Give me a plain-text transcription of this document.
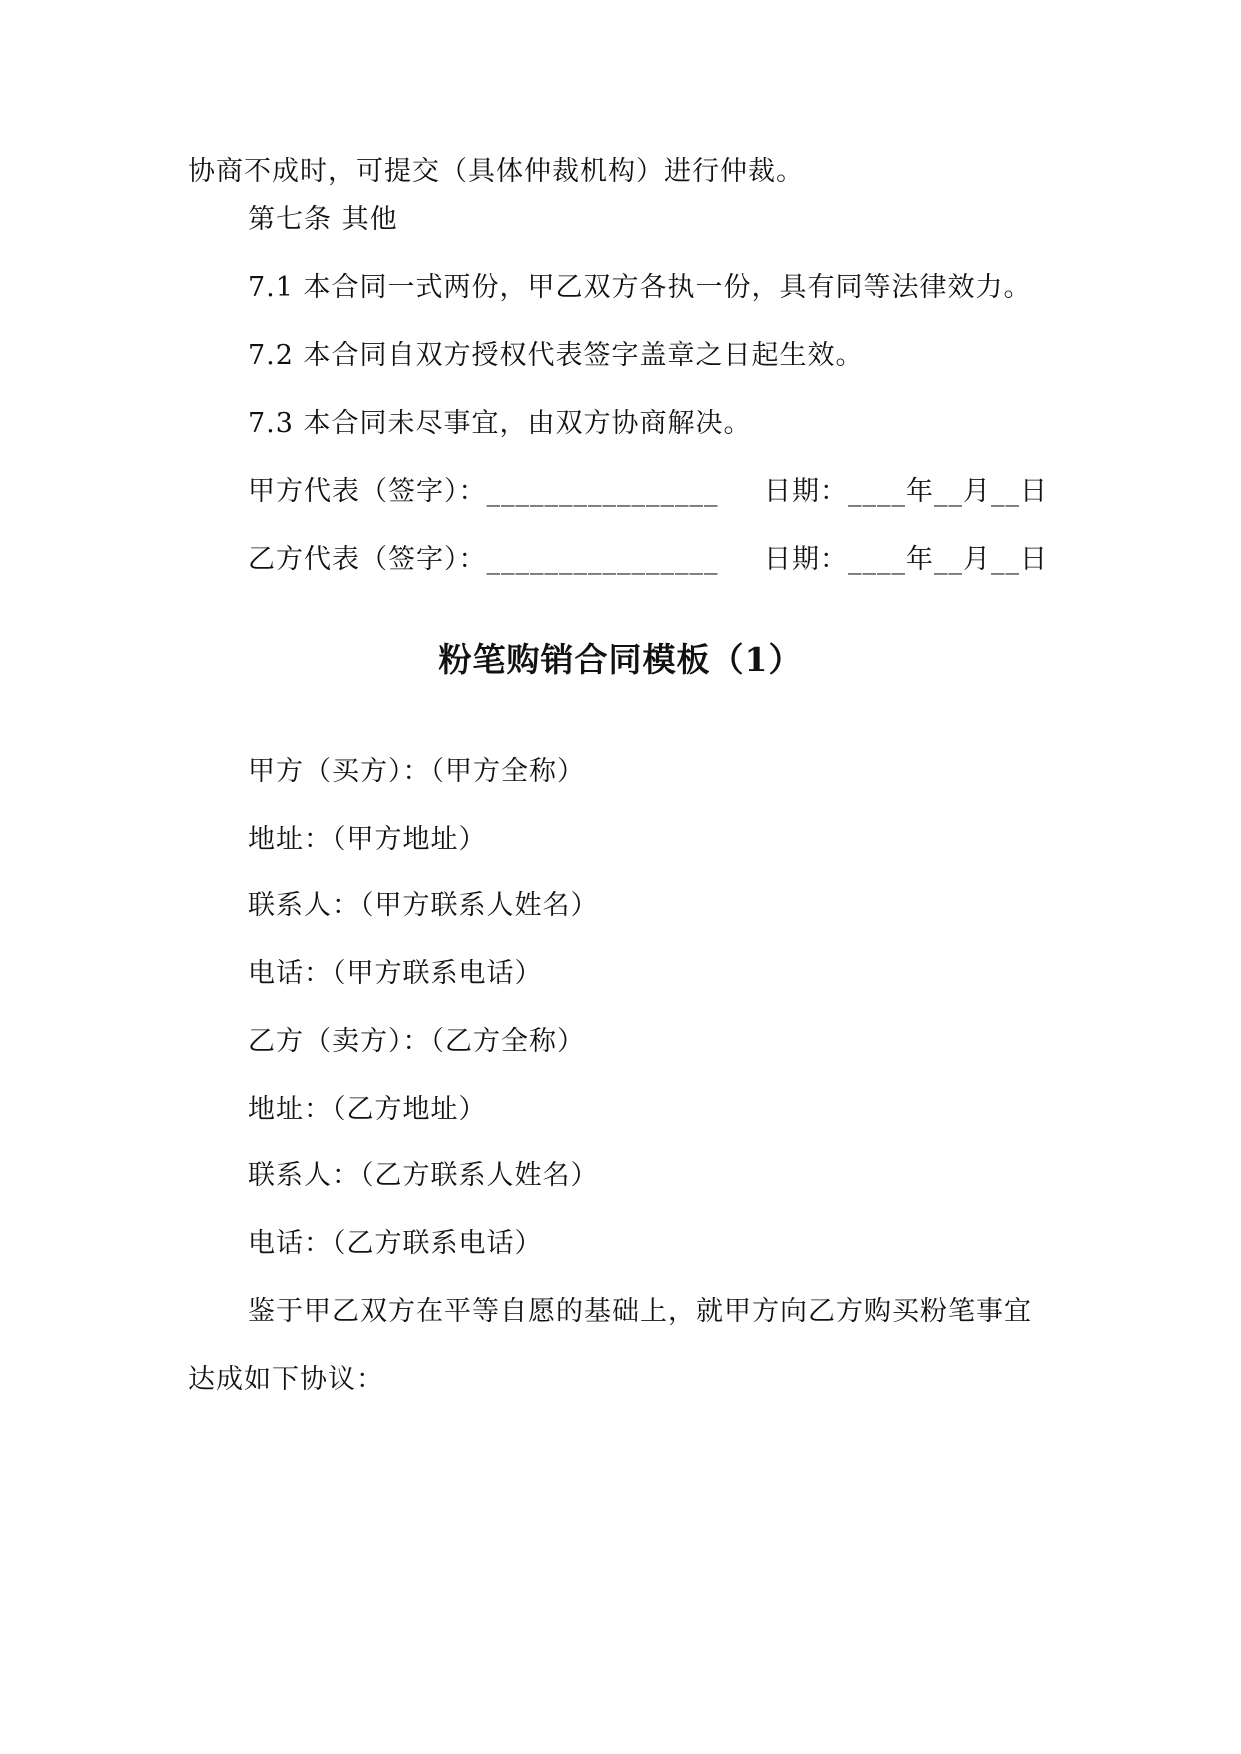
协商不成时，可提交（具体仲裁机构）进行仲裁。
第七条 其他
7.1 本合同一式两份，甲乙双方各执一份，具有同等法律效力。
7.2 本合同自双方授权代表签字盖章之日起生效。
7.3 本合同未尽事宜，由双方协商解决。
甲方代表（签字）：________________ 日期：____年__月__日
乙方代表（签字）：________________ 日期：____年__月__日
粉笔购销合同模板（1）
甲方（买方）：（甲方全称）
地址：（甲方地址）
联系人：（甲方联系人姓名）
电话：（甲方联系电话）
乙方（卖方）：（乙方全称）
地址：（乙方地址）
联系人：（乙方联系人姓名）
电话：（乙方联系电话）
鉴于甲乙双方在平等自愿的基础上，就甲方向乙方购买粉笔事宜
达成如下协议：
